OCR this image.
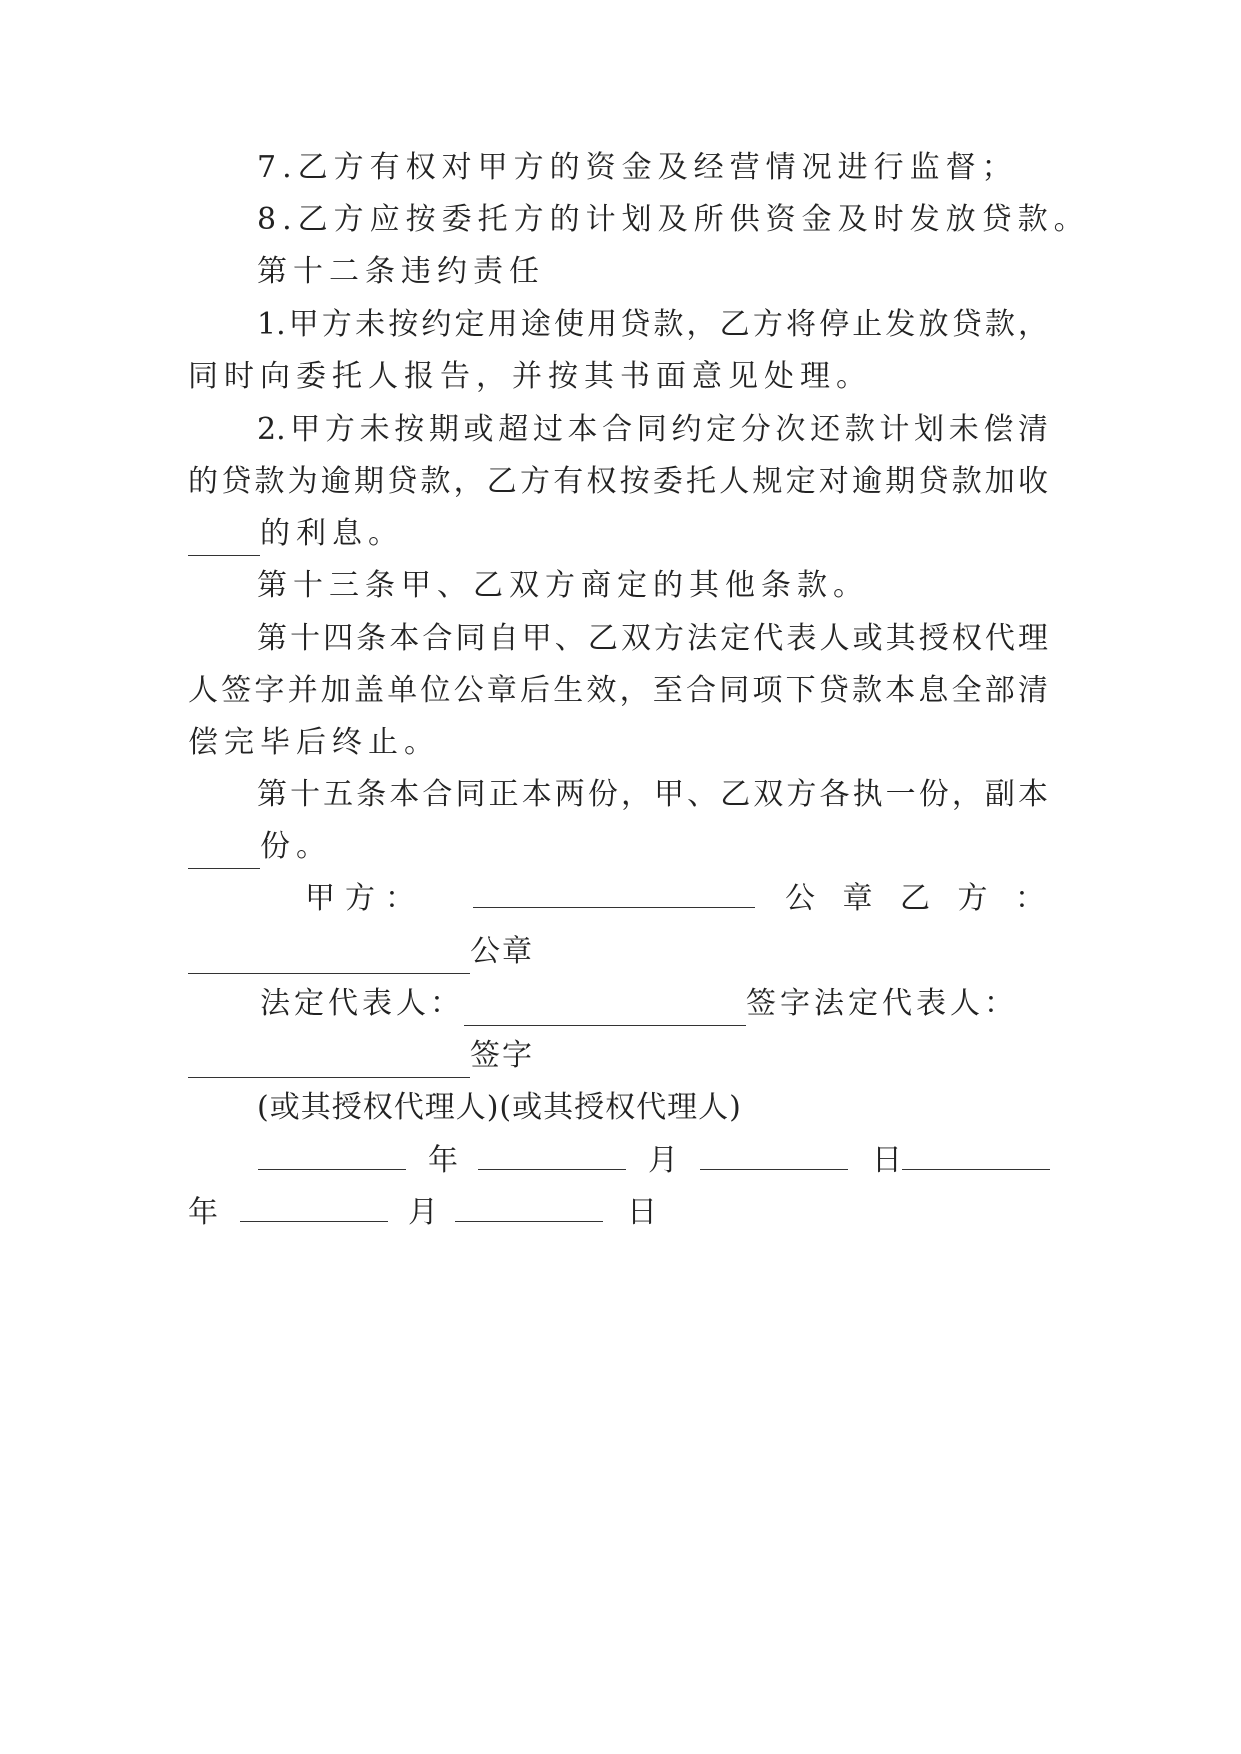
7.乙方有权对甲方的资金及经营情况进行监督；

8.乙方应按委托方的计划及所供资金及时发放贷款。

第十二条违约责任

1.甲方未按约定用途使用贷款，乙方将停止发放贷款，

同时向委托人报告，并按其书面意见处理。

2.甲方未按期或超过本合同约定分次还款计划未偿清

的贷款为逾期贷款，乙方有权按委托人规定对逾期贷款加收

的利息。

第十三条甲、乙双方商定的其他条款。

第十四条本合同自甲、乙双方法定代表人或其授权代理

人签字并加盖单位公章后生效，至合同项下贷款本息全部清

偿完毕后终止。

第十五条本合同正本两份，甲、乙双方各执一份，副本

份。
甲 方 ：	公 章 乙 方 ：
公章
法定代表人：	签字法定代表人：
签字

(或其授权代理人)(或其授权代理人)

年	月	日
年	月	日
